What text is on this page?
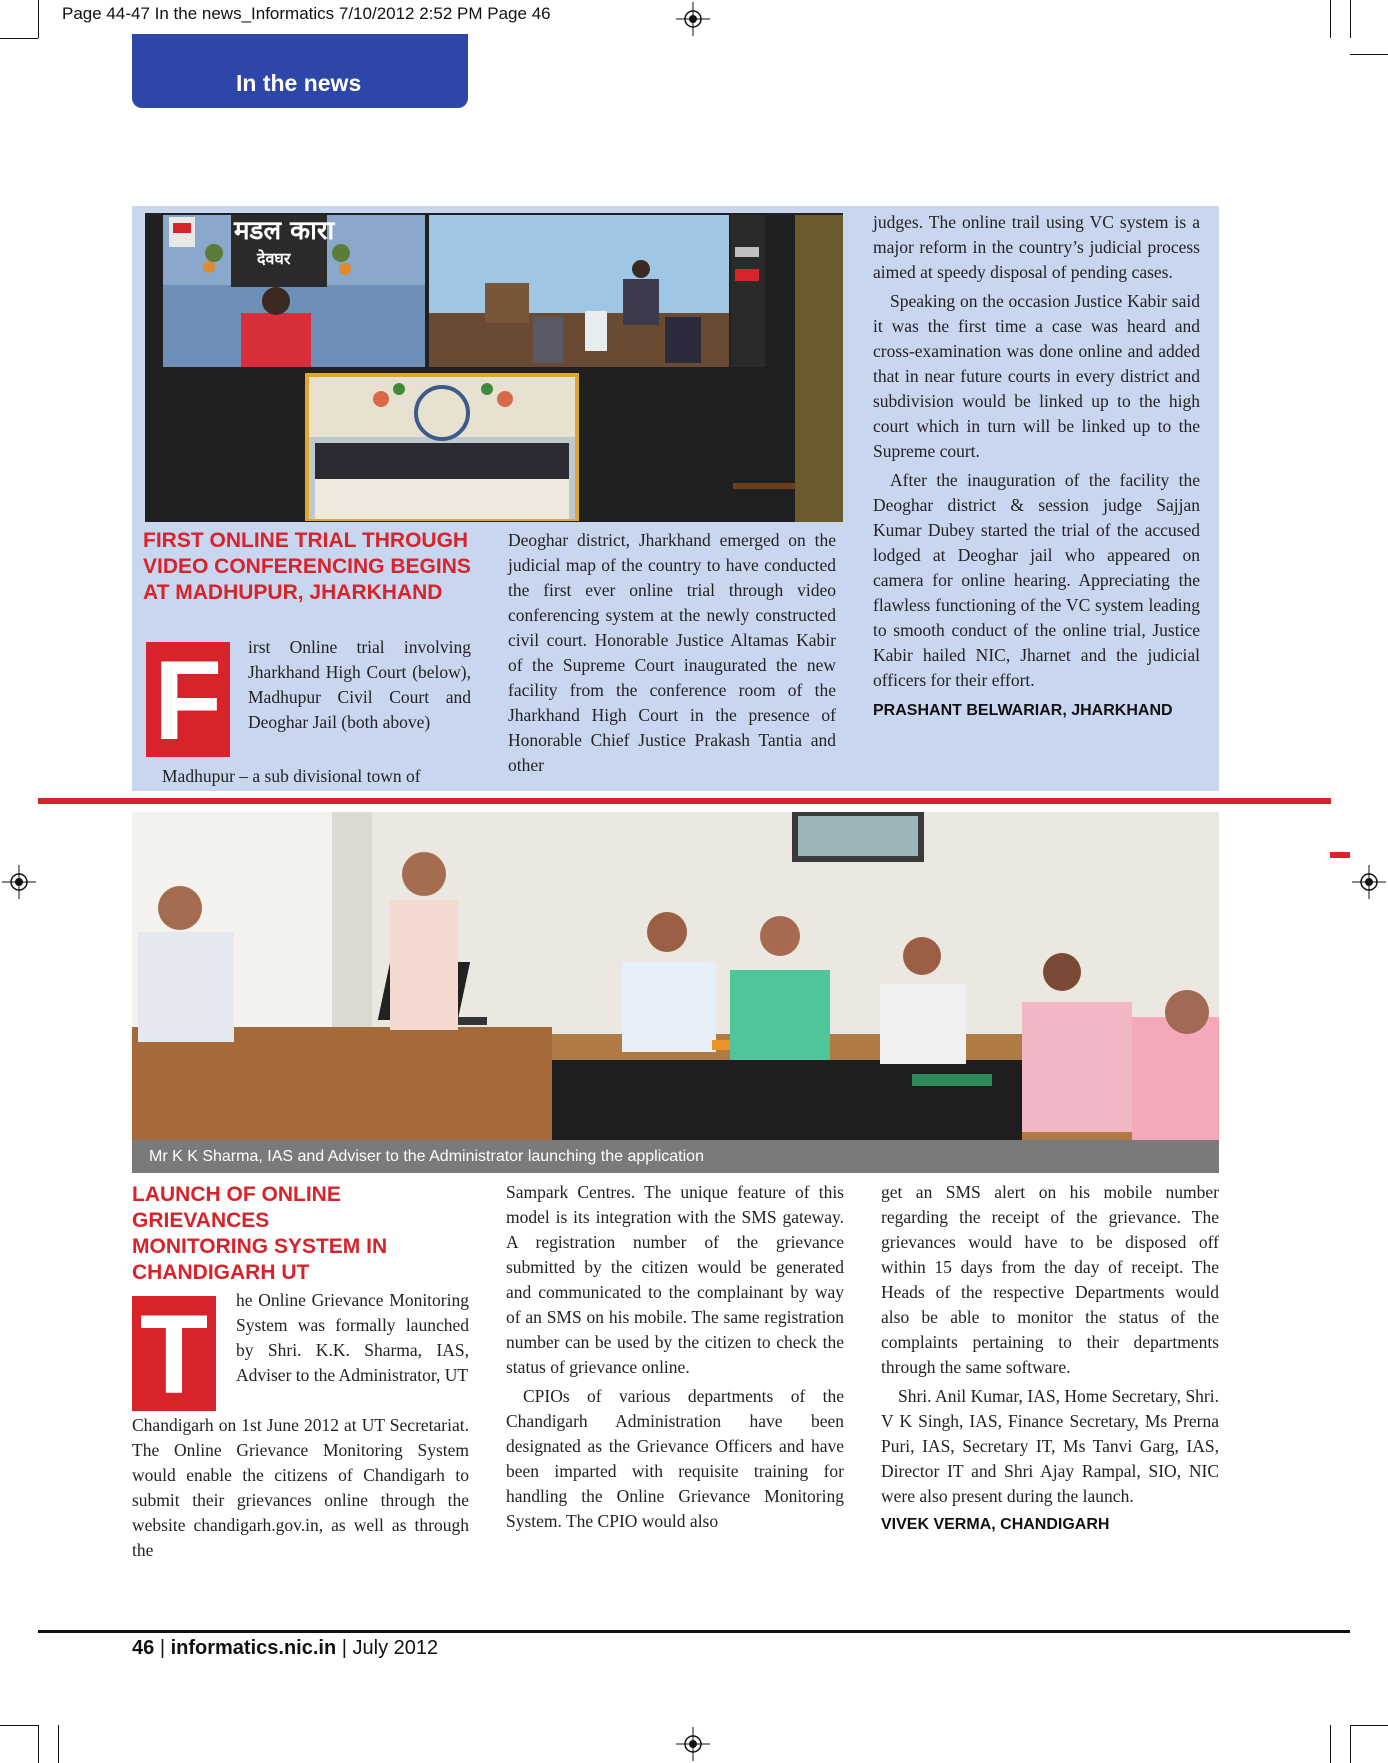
Page 44-47 In the news_Informatics 7/10/2012 2:52 PM Page 46
In the news
मडल कारा
देवघर
FIRST ONLINE TRIAL THROUGH
VIDEO CONFERENCING BEGINS
AT MADHUPUR, JHARKHAND
F	irst Online trial involving Jharkhand High Court (below), Madhupur Civil Court and Deoghar Jail (both above)
Madhupur – a sub divisional town of
Deoghar district, Jharkhand emerged on the judicial map of the country to have conducted the first ever online trial through video conferencing system at the newly constructed civil court. Honorable Justice Altamas Kabir of the Supreme Court inaugurated the new facility from the conference room of the Jharkhand High Court in the presence of Honorable Chief Justice Prakash Tantia and other

judges. The online trail using VC system is a major reform in the country’s judicial process aimed at speedy disposal of pending cases.

Speaking on the occasion Justice Kabir said it was the first time a case was heard and cross-examination was done online and added that in near future courts in every district and subdivision would be linked up to the high court which in turn will be linked up to the Supreme court.

After the inauguration of the facility the Deoghar district & session judge Sajjan Kumar Dubey started the trial of the accused lodged at Deoghar jail who appeared on camera for online hearing. Appreciating the flawless functioning of the VC system leading to smooth conduct of the online trial, Justice Kabir hailed NIC, Jharnet and the judicial officers for their effort.

PRASHANT BELWARIAR, JHARKHAND
Mr K K Sharma, IAS and Adviser to the Administrator launching the application
LAUNCH OF ONLINE GRIEVANCES
MONITORING SYSTEM IN
CHANDIGARH UT
T	he Online Grievance Monitoring System was formally launched by Shri. K.K. Sharma, IAS, Adviser to the Administrator, UT
Chandigarh on 1st June 2012 at UT Secretariat. The Online Grievance Monitoring System would enable the citizens of Chandigarh to submit their grievances online through the website chandigarh.gov.in, as well as through the

Sampark Centres. The unique feature of this model is its integration with the SMS gateway. A registration number of the grievance submitted by the citizen would be generated and communicated to the complainant by way of an SMS on his mobile. The same registration number can be used by the citizen to check the status of grievance online.

CPIOs of various departments of the Chandigarh Administration have been designated as the Grievance Officers and have been imparted with requisite training for handling the Online Grievance Monitoring System. The CPIO would also

get an SMS alert on his mobile number regarding the receipt of the grievance. The grievances would have to be disposed off within 15 days from the day of receipt. The Heads of the respective Departments would also be able to monitor the status of the complaints pertaining to their departments through the same software.

Shri. Anil Kumar, IAS, Home Secretary, Shri. V K Singh, IAS, Finance Secretary, Ms Prerna Puri, IAS, Secretary IT, Ms Tanvi Garg, IAS, Director IT and Shri Ajay Rampal, SIO, NIC were also present during the launch.

VIVEK VERMA, CHANDIGARH
46 | informatics.nic.in | July 2012
